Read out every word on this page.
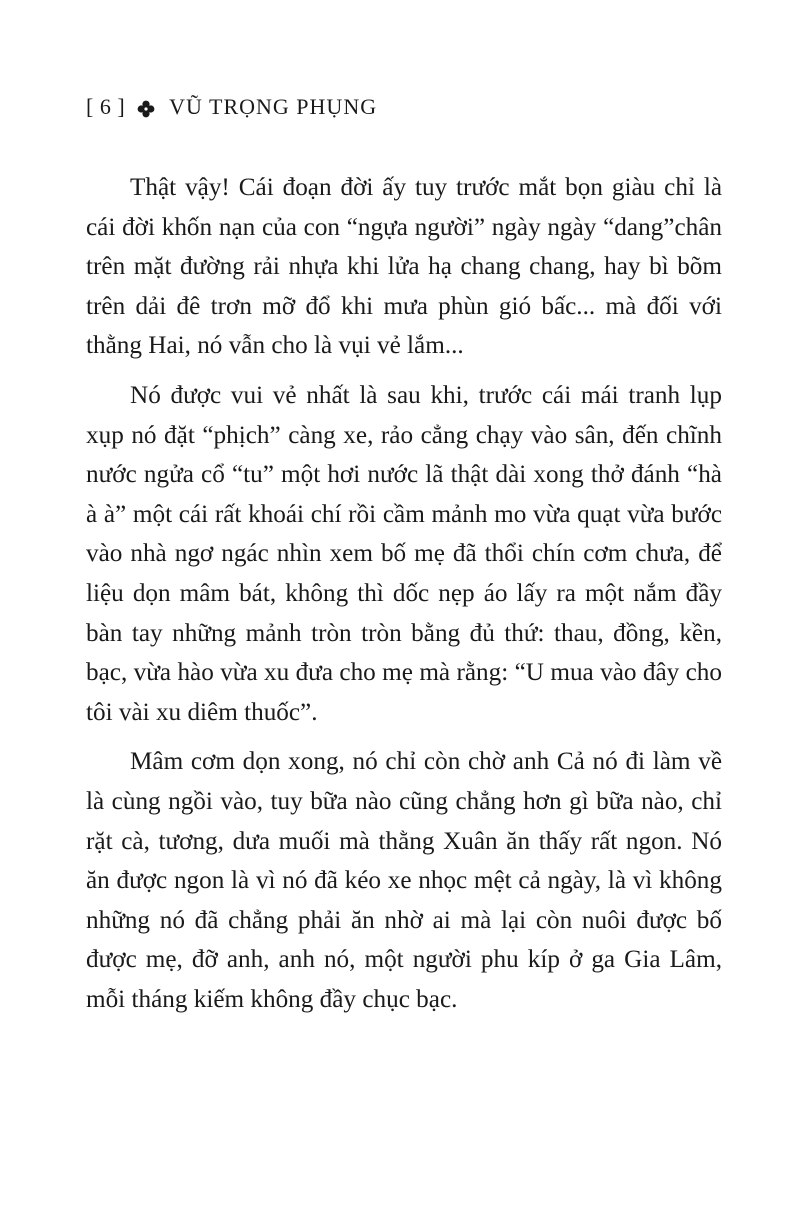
[ 6 ] VŨ TRỌNG PHỤNG

Thật vậy! Cái đoạn đời ấy tuy trước mắt bọn giàu chỉ là cái đời khốn nạn của con “ngựa người” ngày ngày “dang”chân trên mặt đường rải nhựa khi lửa hạ chang chang, hay bì bõm trên dải đê trơn mỡ đổ khi mưa phùn gió bấc... mà đối với thằng Hai, nó vẫn cho là vụi vẻ lắm...

Nó được vui vẻ nhất là sau khi, trước cái mái tranh lụp xụp nó đặt “phịch” càng xe, rảo cẳng chạy vào sân, đến chĩnh nước ngửa cổ “tu” một hơi nước lã thật dài xong thở đánh “hà à à” một cái rất khoái chí rồi cầm mảnh mo vừa quạt vừa bước vào nhà ngơ ngác nhìn xem bố mẹ đã thổi chín cơm chưa, để liệu dọn mâm bát, không thì dốc nẹp áo lấy ra một nắm đầy bàn tay những mảnh tròn tròn bằng đủ thứ: thau, đồng, kền, bạc, vừa hào vừa xu đưa cho mẹ mà rằng: “U mua vào đây cho tôi vài xu diêm thuốc”.

Mâm cơm dọn xong, nó chỉ còn chờ anh Cả nó đi làm về là cùng ngồi vào, tuy bữa nào cũng chẳng hơn gì bữa nào, chỉ rặt cà, tương, dưa muối mà thằng Xuân ăn thấy rất ngon. Nó ăn được ngon là vì nó đã kéo xe nhọc mệt cả ngày, là vì không những nó đã chẳng phải ăn nhờ ai mà lại còn nuôi được bố được mẹ, đỡ anh, anh nó, một người phu kíp ở ga Gia Lâm, mỗi tháng kiếm không đầy chục bạc.
